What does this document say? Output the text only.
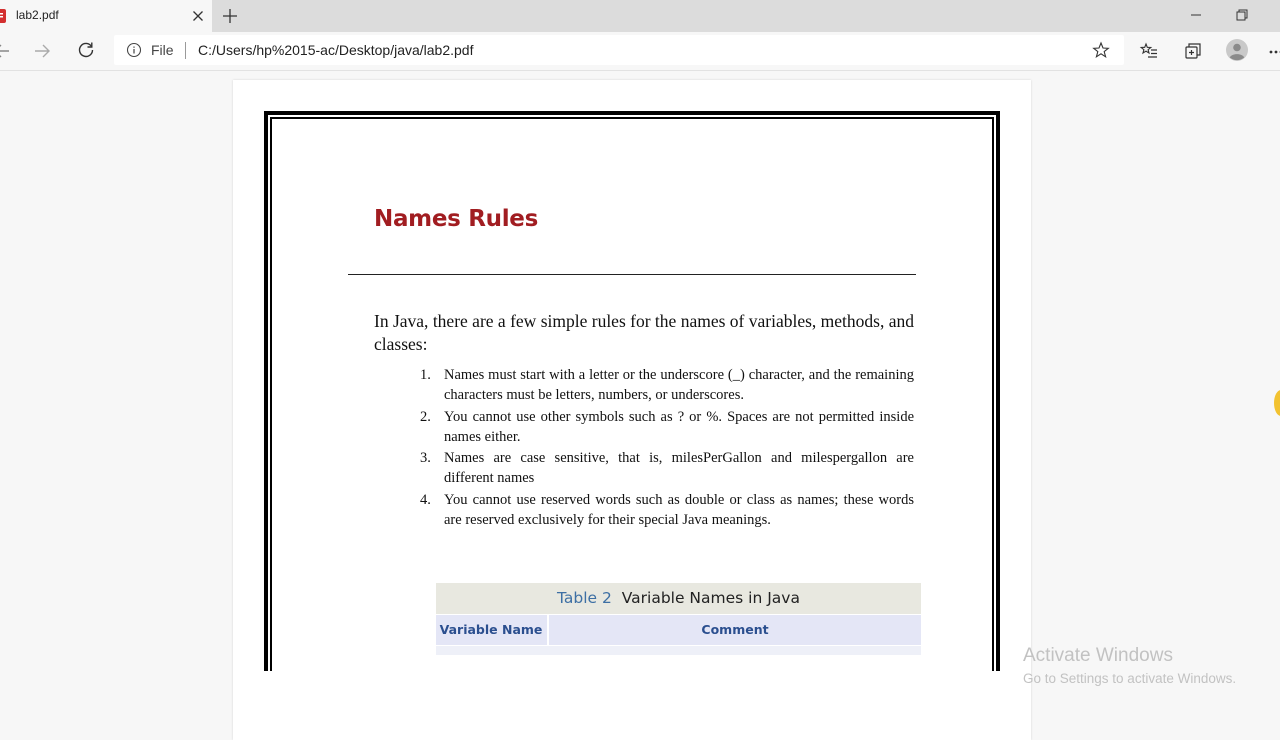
lab2.pdf
File C:/Users/hp%2015-ac/Desktop/java/lab2.pdf
Names Rules

In Java, there are a few simple rules for the names of variables, methods, and classes:

1. Names must start with a letter or the underscore (_) character, and the remaining characters must be letters, numbers, or underscores.
2. You cannot use other symbols such as ? or %. Spaces are not permitted inside names either.
3. Names are case sensitive, that is, milesPerGallon and milespergallon are different names
4. You cannot use reserved words such as double or class as names; these words are reserved exclusively for their special Java meanings.
Table 2 Variable Names in Java
Variable Name	Comment
Activate Windows
Go to Settings to activate Windows.
